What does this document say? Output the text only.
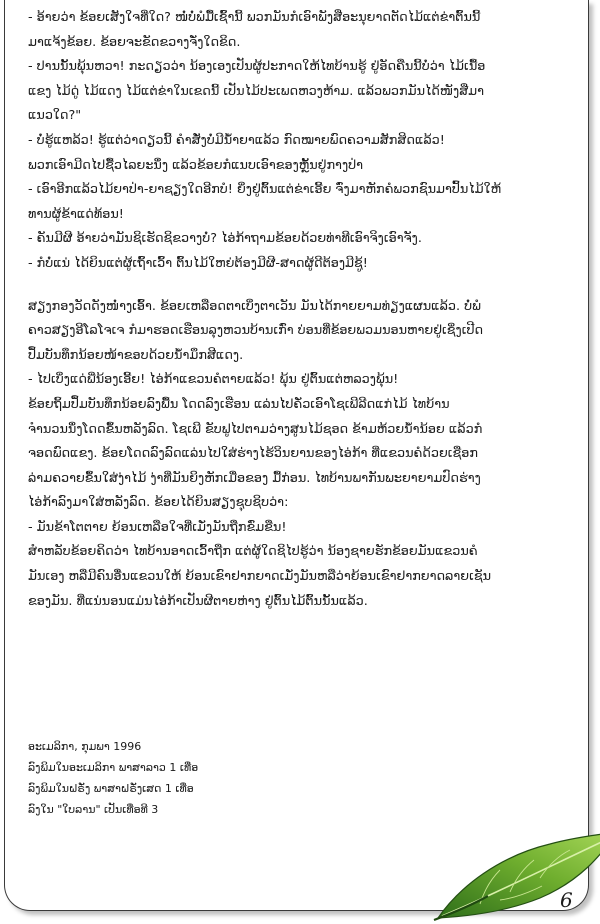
- ອ້າຍວ່າ ຂ້ອຍເສັງໃຈທີ່ໃດ? ໜໍ່ບໍ່ພໍມື້ເຊົ້ານີ້ ພວກມັນກໍເອົາພັງສືອະນຸຍາດຕັດໄມ້ແຕ່ຂ່າຕົ້ນນີ້

ມາແຈ້ງຂ້ອຍ. ຂ້ອຍຈະຂັດຂວາງຈັ່ງໃດຂິດ.

- ປານນັ້ນພຸ້ນຫວາ! ກະດຽວວ່າ ນ້ອງເອງເປັນຜູ້ປະກາດໃຫ້ໄທບ້ານຮູ້ ຢູ່ອັດຄືນນີ້ບໍ່ວ່າ ໄມ້ເນື້ອ

ແຂງ ໄມ້ດູ່ ໄມ້ແດງ ໄມ້ແຕ່ຂ່າໃນເຂດນີ້ ເປັນໄມ້ປະເພດຫວງຫ້າມ. ແລ້ວພວກມັນໄດ້ໜັງສືມາ

ແນວໃດ?"

- ບໍ່ຮູ້ແຫລ້ວ! ຮູ້ແຕ່ວ່າດຽວນີ້ ຄຳສັ່ງບໍ່ມີນ້ຳຍາແລ້ວ ກົດໝາຍພົດຄວາມສັກສິດແລ້ວ!

ພວກເອົາມີດໄປຊື້ວໄລຍະນຶ່ງ ແລ້ວຂ້ອຍກໍແນບເອົາຂອງຫຼັ້ນຢູ່ກາງປ່າ

- ເອົາອີກແລ້ວໄມ້ຍາປ່າ-ຍາຊຽງໃດອີກບໍ! ຍິ່ງຢູ່ຕົ້ນແຕ່ຂ່າເອີ້ຍ ຈົ່ງມາຫັກຄໍພວກຊົນມາປົ້ນໄມ້ໃຫ້

ທານຜູ້ຂ້າແດ່ທ້ອນ!

- ຄັນມີຜີ ອ້າຍວ່າມັນຊິເຮັດຊິຂວາງບໍ່? ໄອ່ກ້າຖາມຂ້ອຍດ້ວຍທ່າທີເອົາຈິງເອົາຈັງ.

- ກໍບໍ່ແນ່ ໄດ້ຍິນແຕ່ຜູ້ເຖົ້າເວົ້າ ຕົ້ນໄມ້ໃຫຍ່ຕ້ອງມີຜີ-ສາດຜູ້ດີຕ້ອງມີຊູ້!

ສຽງກອງວັດດັງໜໍ່າງເອົ້າ. ຂ້ອຍເຫລືອດຕາເບິ່ງຕາເວັນ ມັນໄດ້ກາຍຍາມທ່ຽງແຜນແລ້ວ. ບໍ່ພໍ

ຄາວສຽງອີໂລໂຈເຈ ກໍມາຮອດເຮືອນລຸງຫວນບ້ານເກົ່າ ບ່ອນທີ່ຂ້ອຍພວມນອນຫາຍຢູ່ເຊິ່ງເປີດ

ປຶ້ມບັນທຶກນ້ອຍໜ້າຂອບດ້ວຍນ້ຳມຶກສີແດງ.

- ໄປເບິ່ງແດ່ພີ່ນ້ອງເອີ້ຍ! ໄອ່ກ້າແຂວນຄໍຕາຍແລ້ວ! ພຸ້ນ ຢູ່ຕົ້ນແຕ່ຫລວງພຸ້ນ!

ຂ້ອຍຖິ້ມປຶ້ມບັນທຶກນ້ອຍລົງພື້ນ ໂດດລົງເຮືອນ ແລ່ນໄປຄັ່ວເອົາໂຊເພີລີດແກ່ໄມ້ ໄທບ້ານ

ຈຳນວນນຶ່ງໂດດຂຶ້ນຫລັງລົດ. ໂຊເພີ ຂັບຟູໄປຕາມວ່າງສູນໄມ້ຊອດ ຂ້າມຫ້ວຍນ້ຳນ້ອຍ ແລ້ວກໍ

ຈອດພົດແຂງ. ຂ້ອຍໂດດລົງລົດແລ່ນໄປໃສ່ຮ່າງໄຮ້ວິນຍານຂອງໄອ່ກ້າ ທີ່ແຂວນຄໍດ້ວຍເຊືອກ

ລ່າມຄວາຍຂຶ້ນໃສ່ງ່າໄມ້ ງ່າທີ່ມັນຍິງຫັກເມື່ອຂອງ ມື້ກ່ອນ. ໄທບ້ານພາກັນພະຍາຍາມປົດຮ່າງ

ໄອ່ກ້າລົງມາໃສ່ຫລັງລົດ. ຂ້ອຍໄດ້ຍິນສຽງຊຸບຊິບວ່າ:

- ມັນຂ້າໂຕຕາຍ ຍ້ອນເຫລືອໃຈທີ່ເມັ່ງມັນຖືກຂົ່ມຂືນ!

ສຳຫລັບຂ້ອຍຄິດວ່າ ໄທບ້ານອາດເວົ້າຖືກ ແຕ່ຜູ້ໃດຊິໄປຮູ້ວ່າ ນ້ອງຊາຍຮັກຂ້ອຍມັນແຂວນຄໍ

ມັນເອງ ຫລືມີຄົນອື່ນແຂວນໃຫ້ ຍ້ອນເຂົາຢາກຍາດເມັ່ງມັນຫລືວ່າຍ້ອນເຂົາຢາກຍາດລາຍເຊັນ

ຂອງມັນ. ທີ່ແນ່ນອນແມ່ນໄອ່ກ້າເປັນຜີຕາຍຫ່າງ ຢູ່ຕົ້ນໄມ້ຕົ້ນນັ້ນແລ້ວ.

ອະເມລິກາ, ກຸມພາ 1996

ລົງພິມໃນອະເມລິກາ ພາສາລາວ 1 ເທື່ອ

ລົງພິມໃນຝຣັ່ງ ພາສາຝຣັ່ງເສດ 1 ເທື່ອ

ລົງໃນ "ໃບລານ" ເປັນເທື່ອທີ 3

6
